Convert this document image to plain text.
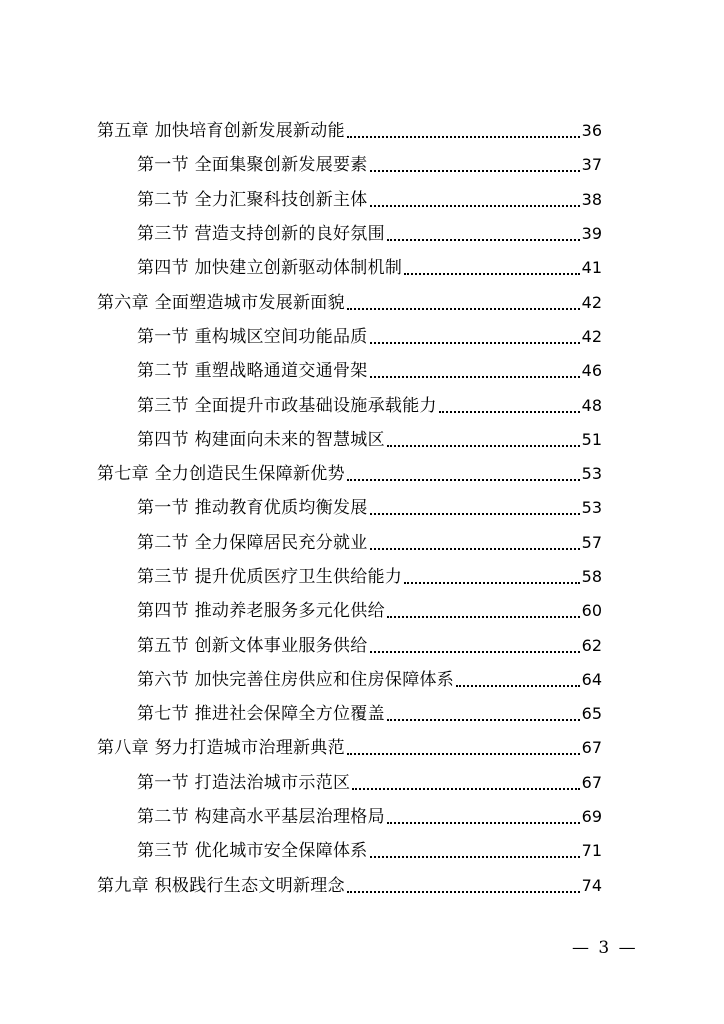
第五章 加快培育创新发展新动能	36
第一节 全面集聚创新发展要素	37
第二节 全力汇聚科技创新主体	38
第三节 营造支持创新的良好氛围	39
第四节 加快建立创新驱动体制机制	41
第六章 全面塑造城市发展新面貌	42
第一节 重构城区空间功能品质	42
第二节 重塑战略通道交通骨架	46
第三节 全面提升市政基础设施承载能力	48
第四节 构建面向未来的智慧城区	51
第七章 全力创造民生保障新优势	53
第一节 推动教育优质均衡发展	53
第二节 全力保障居民充分就业	57
第三节 提升优质医疗卫生供给能力	58
第四节 推动养老服务多元化供给	60
第五节 创新文体事业服务供给	62
第六节 加快完善住房供应和住房保障体系	64
第七节 推进社会保障全方位覆盖	65
第八章 努力打造城市治理新典范	67
第一节 打造法治城市示范区	67
第二节 构建高水平基层治理格局	69
第三节 优化城市安全保障体系	71
第九章 积极践行生态文明新理念	74
— 3 —
